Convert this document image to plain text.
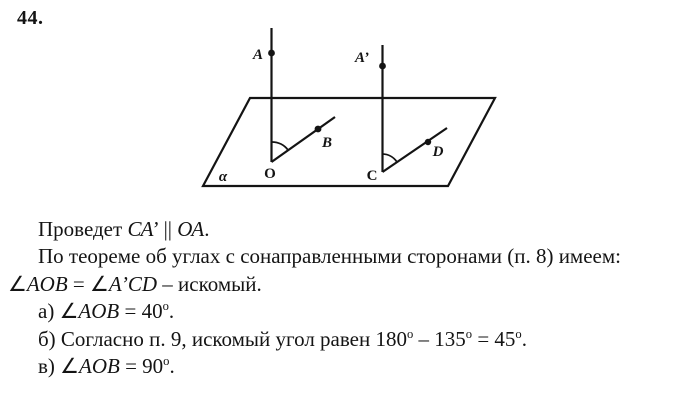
44.
A	A’
B
D
O	C
α
Проведет СА’ || ОА.
По теореме об углах с сонаправленными сторонами (п. 8) имеем:
∠AOB = ∠A’CD – искомый.
а) ∠AOB = $40^о$.
б) Согласно п. 9, искомый угол равен $180^о - 135^о = 45^о$.
в) ∠AOB = $90^о$.
